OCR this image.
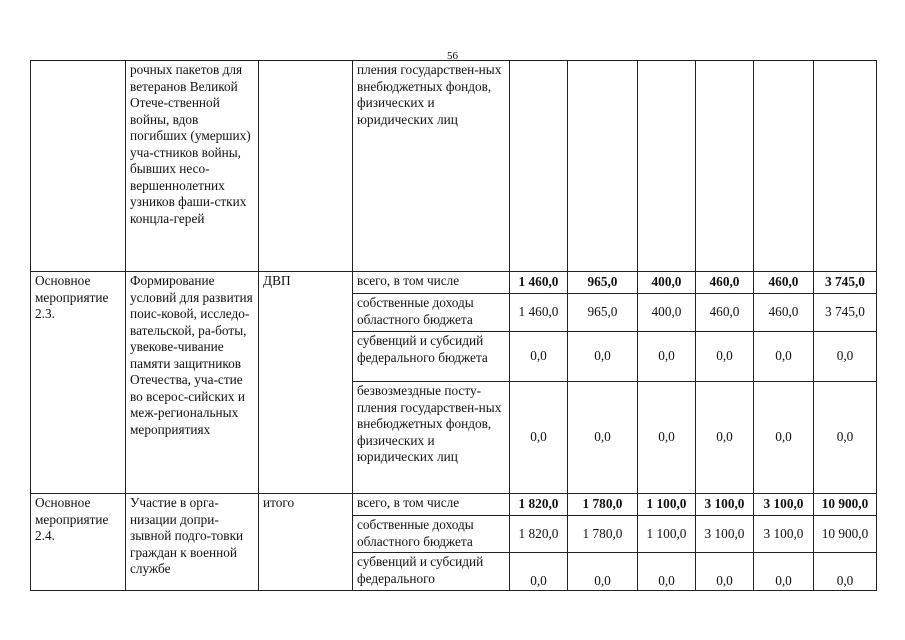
56
	рочных пакетов для ветеранов Великой Отече-ственной войны, вдов погибших (умерших) уча-стников войны, бывших несо-вершеннолетних узников фаши-стких концла-герей		пления государствен-ных внебюджетных фондов, физических и юридических лиц						
Основное мероприятие 2.3.	Формирование условий для развития поис-ковой, исследо-вательской, ра-боты, увекове-чивание памяти защитников Отечества, уча-стие во всерос-сийских и меж-региональных мероприятиях	ДВП	всего, в том числе	1 460,0	965,0	400,0	460,0	460,0	3 745,0
			собственные доходы областного бюджета	1 460,0	965,0	400,0	460,0	460,0	3 745,0
			субвенций и субсидий федерального бюджета	0,0	0,0	0,0	0,0	0,0	0,0
			безвозмездные посту-пления государствен-ных внебюджетных фондов, физических и юридических лиц	0,0	0,0	0,0	0,0	0,0	0,0
Основное мероприятие 2.4.	Участие в орга-низации допри-зывной подго-товки граждан к военной службе	итого	всего, в том числе	1 820,0	1 780,0	1 100,0	3 100,0	3 100,0	10 900,0
			собственные доходы областного бюджета	1 820,0	1 780,0	1 100,0	3 100,0	3 100,0	10 900,0
			субвенций и субсидий федерального	0,0	0,0	0,0	0,0	0,0	0,0
